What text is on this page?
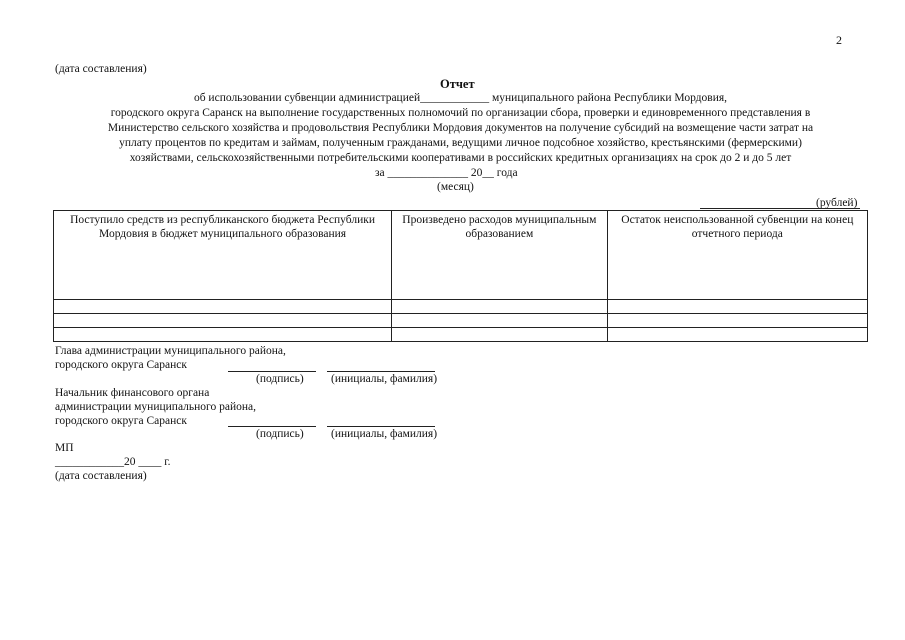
2
(дата составления)
Отчет
об использовании субвенции администрацией____________ муниципального района Республики Мордовия,
городского округа Саранск на выполнение государственных полномочий по организации сбора, проверки и единовременного представления в
Министерство сельского хозяйства и продовольствия Республики Мордовия документов на получение субсидий на возмещение части затрат на
уплату процентов по кредитам и займам, полученным гражданами, ведущими личное подсобное хозяйство, крестьянскими (фермерскими)
хозяйствами, сельскохозяйственными потребительскими кооперативами в российских кредитных организациях на срок до 2 и до 5 лет
за ______________ 20__ года
(месяц)
(рублей)
Поступило средств из республиканского бюджета Республики Мордовия в бюджет муниципального образования	Произведено расходов муниципальным образованием	Остаток неиспользованной субвенции на конец отчетного периода

Глава администрации муниципального района,
городского округа Саранск
(подпись) (инициалы, фамилия)
Начальник финансового органа
администрации муниципального района,
городского округа Саранск
(подпись) (инициалы, фамилия)
МП
____________20 ____ г.
(дата составления)
